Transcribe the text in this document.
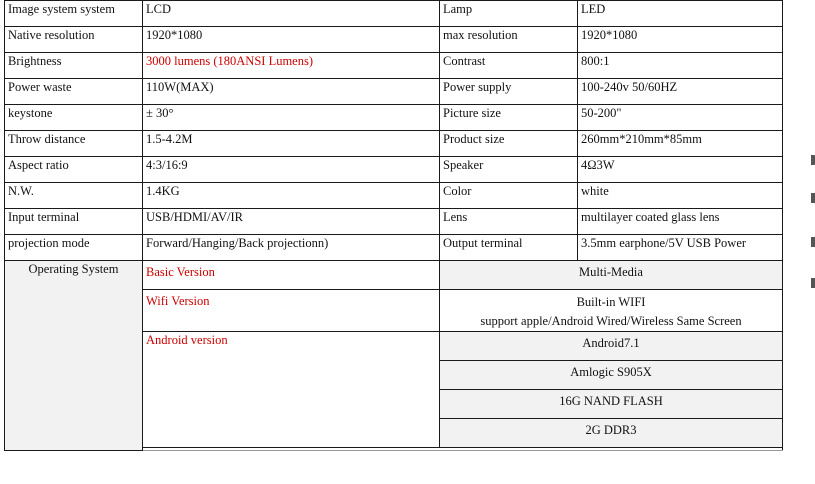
Image system system	LCD	Lamp	LED
Native resolution	1920*1080	max resolution	1920*1080
Brightness	3000 lumens (180ANSI Lumens)	Contrast	800:1
Power waste	110W(MAX)	Power supply	100-240v 50/60HZ
keystone	± 30°	Picture size	50-200"
Throw distance	1.5-4.2M	Product size	260mm*210mm*85mm
Aspect ratio	4:3/16:9	Speaker	4Ω3W
N.W.	1.4KG	Color	white
Input terminal	USB/HDMI/AV/IR	Lens	multilayer coated glass lens
projection mode	Forward/Hanging/Back projectionn)	Output terminal	3.5mm earphone/5V USB Power
Operating System	Basic Version	Multi-Media	
	Wifi Version	Built-in WIFI
support apple/Android Wired/Wireless Same Screen	

	Android version	Android7.1	
		Amlogic S905X	
		16G NAND FLASH	
		2G DDR3	
